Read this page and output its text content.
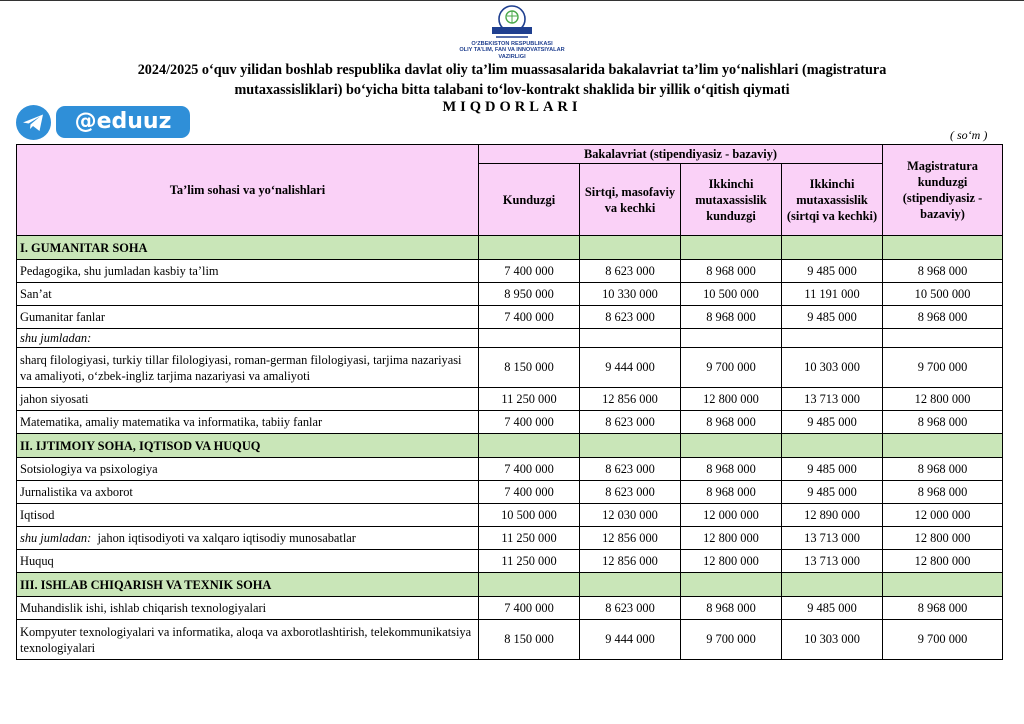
O‘ZBEKISTON RESPUBLIKASI
OLIY TA’LIM, FAN VA INNOVATSIYALAR
VAZIRLIGI
2024/2025 o‘quv yilidan boshlab respublika davlat oliy ta’lim muassasalarida bakalavriat ta’lim yo‘nalishlari (magistratura
mutaxassisliklari) bo‘yicha bitta talabani to‘lov-kontrakt shaklida bir yillik o‘qitish qiymati
MIQDORLARI
( so‘m )
@eduuz
Ta’lim sohasi va yo‘nalishlari	Bakalavriat (stipendiyasiz - bazaviy)				Magistratura kunduzgi (stipendiyasiz - bazaviy)
	Kunduzgi	Sirtqi, masofaviy va kechki	Ikkinchi mutaxassislik kunduzgi	Ikkinchi mutaxassislik (sirtqi va kechki)	
I. GUMANITAR SOHA					
Pedagogika, shu jumladan kasbiy ta’lim	7 400 000	8 623 000	8 968 000	9 485 000	8 968 000
San’at	8 950 000	10 330 000	10 500 000	11 191 000	10 500 000
Gumanitar fanlar	7 400 000	8 623 000	8 968 000	9 485 000	8 968 000
shu jumladan:					
sharq filologiyasi, turkiy tillar filologiyasi, roman-german filologiyasi, tarjima nazariyasi va amaliyoti, o‘zbek-ingliz tarjima nazariyasi va amaliyoti	8 150 000	9 444 000	9 700 000	10 303 000	9 700 000
jahon siyosati	11 250 000	12 856 000	12 800 000	13 713 000	12 800 000
Matematika, amaliy matematika va informatika, tabiiy fanlar	7 400 000	8 623 000	8 968 000	9 485 000	8 968 000
II. IJTIMOIY SOHA, IQTISOD VA HUQUQ					
Sotsiologiya va psixologiya	7 400 000	8 623 000	8 968 000	9 485 000	8 968 000
Jurnalistika va axborot	7 400 000	8 623 000	8 968 000	9 485 000	8 968 000
Iqtisod	10 500 000	12 030 000	12 000 000	12 890 000	12 000 000
shu jumladan: jahon iqtisodiyoti va xalqaro iqtisodiy munosabatlar	11 250 000	12 856 000	12 800 000	13 713 000	12 800 000
Huquq	11 250 000	12 856 000	12 800 000	13 713 000	12 800 000
III. ISHLAB CHIQARISH VA TEXNIK SOHA					
Muhandislik ishi, ishlab chiqarish texnologiyalari	7 400 000	8 623 000	8 968 000	9 485 000	8 968 000
Kompyuter texnologiyalari va informatika, aloqa va axborotlashtirish, telekommunikatsiya texnologiyalari	8 150 000	9 444 000	9 700 000	10 303 000	9 700 000
